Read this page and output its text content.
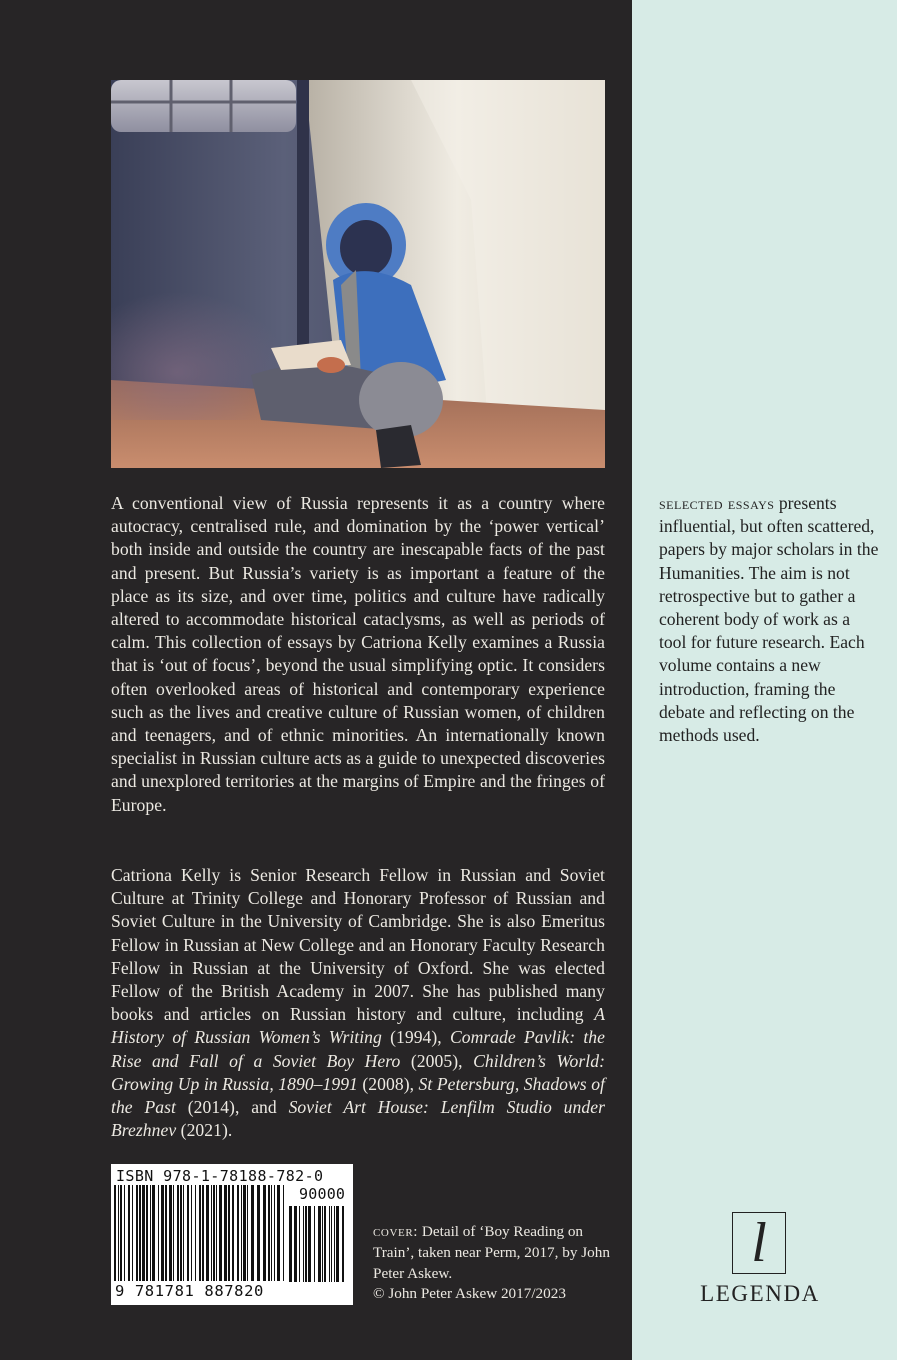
A conventional view of Russia represents it as a country where autocracy, centralised rule, and domination by the ‘power vertical’ both inside and outside the country are inescapable facts of the past and present. But Russia’s variety is as important a feature of the place as its size, and over time, politics and culture have radically altered to accommodate historical cataclysms, as well as periods of calm. This collection of essays by Catriona Kelly examines a Russia that is ‘out of focus’, beyond the usual simplifying optic. It considers often overlooked areas of historical and contemporary experience such as the lives and creative culture of Russian women, of children and teenagers, and of ethnic minorities. An internationally known specialist in Russian culture acts as a guide to unexpected discoveries and unexplored territories at the margins of Empire and the fringes of Europe.

Catriona Kelly is Senior Research Fellow in Russian and Soviet Culture at Trinity College and Honorary Professor of Russian and Soviet Culture in the University of Cambridge. She is also Emeritus Fellow in Russian at New College and an Honorary Faculty Research Fellow in Russian at the University of Oxford. She was elected Fellow of the British Academy in 2007. She has published many books and articles on Russian history and culture, including A History of Russian Women’s Writing (1994), Comrade Pavlik: the Rise and Fall of a Soviet Boy Hero (2005), Children’s World: Growing Up in Russia, 1890–1991 (2008), St Petersburg, Shadows of the Past (2014), and Soviet Art House: Lenfilm Studio under Brezhnev (2021).

selected essays presents influential, but often scattered, papers by major scholars in the Humanities. The aim is not retrospective but to gather a coherent body of work as a tool for future research. Each volume contains a new introduction, framing the debate and reflecting on the methods used.

ISBN 978-1-78188-782-0
90000
9 781781 887820

cover: Detail of ‘Boy Reading on Train’, taken near Perm, 2017, by John Peter Askew.
© John Peter Askew 2017/2023

l
LEGENDA
